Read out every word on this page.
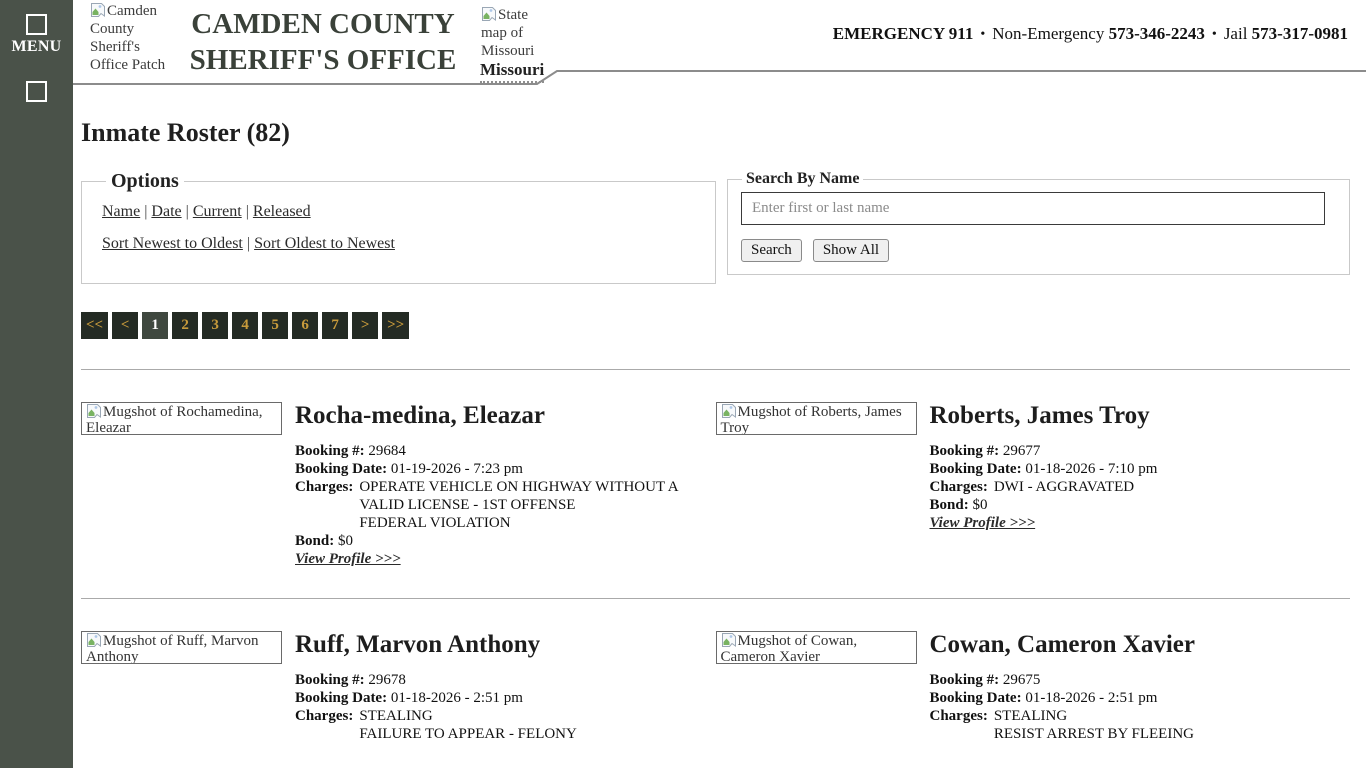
MENU
Camden County Sheriff's Office Patch
CAMDEN COUNTY
SHERIFF'S OFFICE
State map of Missouri
Missouri
EMERGENCY 911 • Non-Emergency 573-346-2243 • Jail 573-317-0981
Inmate Roster (82)
Options
Name | Date | Current | Released
Sort Newest to Oldest | Sort Oldest to Newest
Search By Name
Enter first or last name
Search Show All
<<	<	1	2	3	4	5	6	7	>	>>
Mugshot of Rochamedina, Eleazar	Rocha-medina, Eleazar
Booking #: 29684
Booking Date: 01-19-2026 - 7:23 pm
Charges: OPERATE VEHICLE ON HIGHWAY WITHOUT A VALID LICENSE - 1ST OFFENSE
FEDERAL VIOLATION
Bond: $0
View Profile >>>
Mugshot of Roberts, James Troy	Roberts, James Troy
Booking #: 29677
Booking Date: 01-18-2026 - 7:10 pm
Charges: DWI - AGGRAVATED
Bond: $0
View Profile >>>
Mugshot of Ruff, Marvon Anthony	Ruff, Marvon Anthony
Booking #: 29678
Booking Date: 01-18-2026 - 2:51 pm
Charges: STEALING
FAILURE TO APPEAR - FELONY
Mugshot of Cowan, Cameron Xavier	Cowan, Cameron Xavier
Booking #: 29675
Booking Date: 01-18-2026 - 2:51 pm
Charges: STEALING
RESIST ARREST BY FLEEING
